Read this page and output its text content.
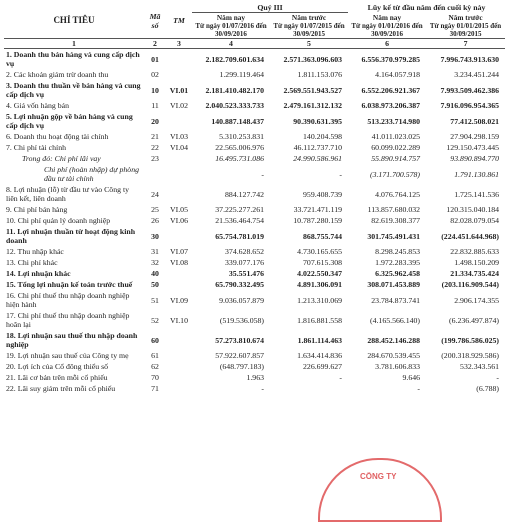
CHỈ TIÊU	Mã số	TM	Quý III		Lũy kế từ đầu năm đến cuối kỳ này	
			Năm nay	Năm trước	Năm nay	Năm trước
			Từ ngày 01/07/2016 đến 30/09/2016	Từ ngày 01/07/2015 đến 30/09/2015	Từ ngày 01/01/2016 đến 30/09/2016	Từ ngày 01/01/2015 đến 30/09/2015
1	2	3	4	5	6	7
1. Doanh thu bán hàng và cung cấp dịch vụ	01		2.182.709.601.634	2.571.363.096.603	6.556.370.979.285	7.996.743.913.630
2. Các khoản giảm trừ doanh thu	02		1.299.119.464	1.811.153.076	4.164.057.918	3.234.451.244
3. Doanh thu thuần về bán hàng và cung cấp dịch vụ	10	VI.01	2.181.410.482.170	2.569.551.943.527	6.552.206.921.367	7.993.509.462.386
4. Giá vốn hàng bán	11	VI.02	2.040.523.333.733	2.479.161.312.132	6.038.973.206.387	7.916.096.954.365
5. Lợi nhuận gộp về bán hàng và cung cấp dịch vụ	20		140.887.148.437	90.390.631.395	513.233.714.980	77.412.508.021
6. Doanh thu hoạt động tài chính	21	VI.03	5.310.253.831	140.204.598	41.011.023.025	27.904.298.159
7. Chi phí tài chính	22	VI.04	22.565.006.976	46.112.737.710	60.099.022.289	129.150.473.445
Trong đó: Chi phí lãi vay	23		16.495.731.086	24.990.586.961	55.890.914.757	93.890.894.770
Chi phí (hoàn nhập) dự phòng đầu tư tài chính			-	-	(3.171.700.578)	1.791.130.861
8. Lợi nhuận (lỗ) từ đầu tư vào Công ty liên kết, liên doanh	24		884.127.742	959.408.739	4.076.764.125	1.725.141.536
9. Chi phí bán hàng	25	VI.05	37.225.277.261	33.721.471.119	113.857.680.032	120.315.040.184
10. Chi phí quản lý doanh nghiệp	26	VI.06	21.536.464.754	10.787.280.159	82.619.308.377	82.028.079.054
11. Lợi nhuận thuần từ hoạt động kinh doanh	30		65.754.781.019	868.755.744	301.745.491.431	(224.451.644.968)
12. Thu nhập khác	31	VI.07	374.628.652	4.730.165.655	8.298.245.853	22.832.885.633
13. Chi phí khác	32	VI.08	339.077.176	707.615.308	1.972.283.395	1.498.150.209
14. Lợi nhuận khác	40		35.551.476	4.022.550.347	6.325.962.458	21.334.735.424
15. Tổng lợi nhuận kế toán trước thuế	50		65.790.332.495	4.891.306.091	308.071.453.889	(203.116.909.544)
16. Chi phí thuế thu nhập doanh nghiệp hiện hành	51	VI.09	9.036.057.879	1.213.310.069	23.784.873.741	2.906.174.355
17. Chi phí thuế thu nhập doanh nghiệp hoãn lại	52	VI.10	(519.536.058)	1.816.881.558	(4.165.566.140)	(6.236.497.874)
18. Lợi nhuận sau thuế thu nhập doanh nghiệp	60		57.273.810.674	1.861.114.463	288.452.146.288	(199.786.586.025)
19. Lợi nhuận sau thuế của Công ty mẹ	61		57.922.607.857	1.634.414.836	284.670.539.455	(200.318.929.586)
20. Lợi ích của Cổ đông thiểu số	62		(648.797.183)	226.699.627	3.781.606.833	532.343.561
21. Lãi cơ bản trên mỗi cổ phiếu	70		1.963	-	9.646	-
22. Lãi suy giảm trên mỗi cổ phiếu	71		-		-	(6.788)
CÔNG TY
